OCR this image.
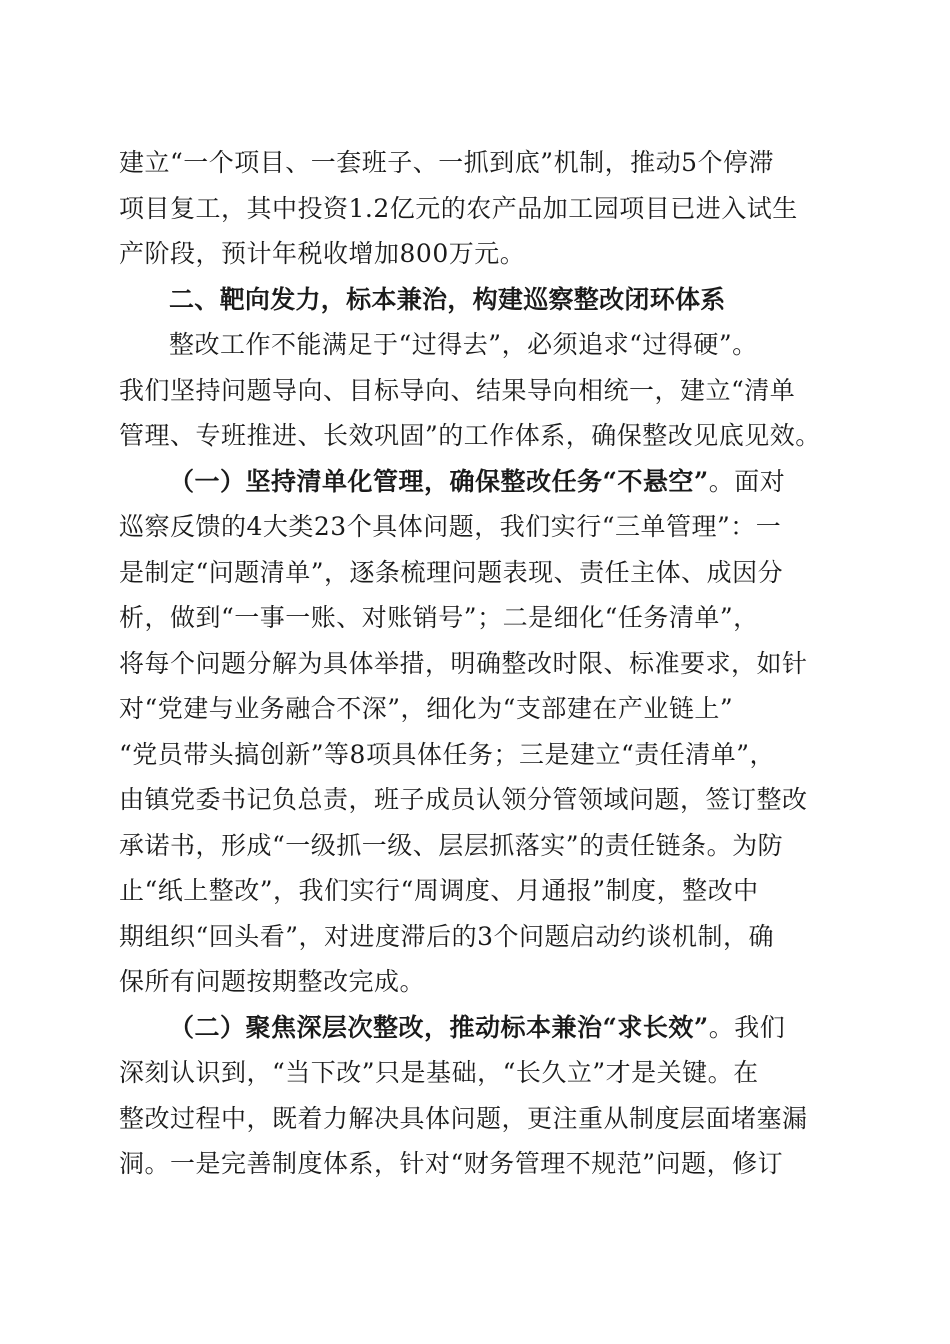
建立“一个项目、一套班子、一抓到底”机制，推动5个停滞
项目复工，其中投资1.2亿元的农产品加工园项目已进入试生
产阶段，预计年税收增加800万元。
二、靶向发力，标本兼治，构建巡察整改闭环体系
整改工作不能满足于“过得去”，必须追求“过得硬”。
我们坚持问题导向、目标导向、结果导向相统一，建立“清单
管理、专班推进、长效巩固”的工作体系，确保整改见底见效。
（一）坚持清单化管理，确保整改任务“不悬空”。面对
巡察反馈的4大类23个具体问题，我们实行“三单管理”：一
是制定“问题清单”，逐条梳理问题表现、责任主体、成因分
析，做到“一事一账、对账销号”；二是细化“任务清单”，
将每个问题分解为具体举措，明确整改时限、标准要求，如针
对“党建与业务融合不深”，细化为“支部建在产业链上”
“党员带头搞创新”等8项具体任务；三是建立“责任清单”，
由镇党委书记负总责，班子成员认领分管领域问题，签订整改
承诺书，形成“一级抓一级、层层抓落实”的责任链条。为防
止“纸上整改”，我们实行“周调度、月通报”制度，整改中
期组织“回头看”，对进度滞后的3个问题启动约谈机制，确
保所有问题按期整改完成。
（二）聚焦深层次整改，推动标本兼治“求长效”。我们
深刻认识到，“当下改”只是基础，“长久立”才是关键。在
整改过程中，既着力解决具体问题，更注重从制度层面堵塞漏
洞。一是完善制度体系，针对“财务管理不规范”问题，修订
